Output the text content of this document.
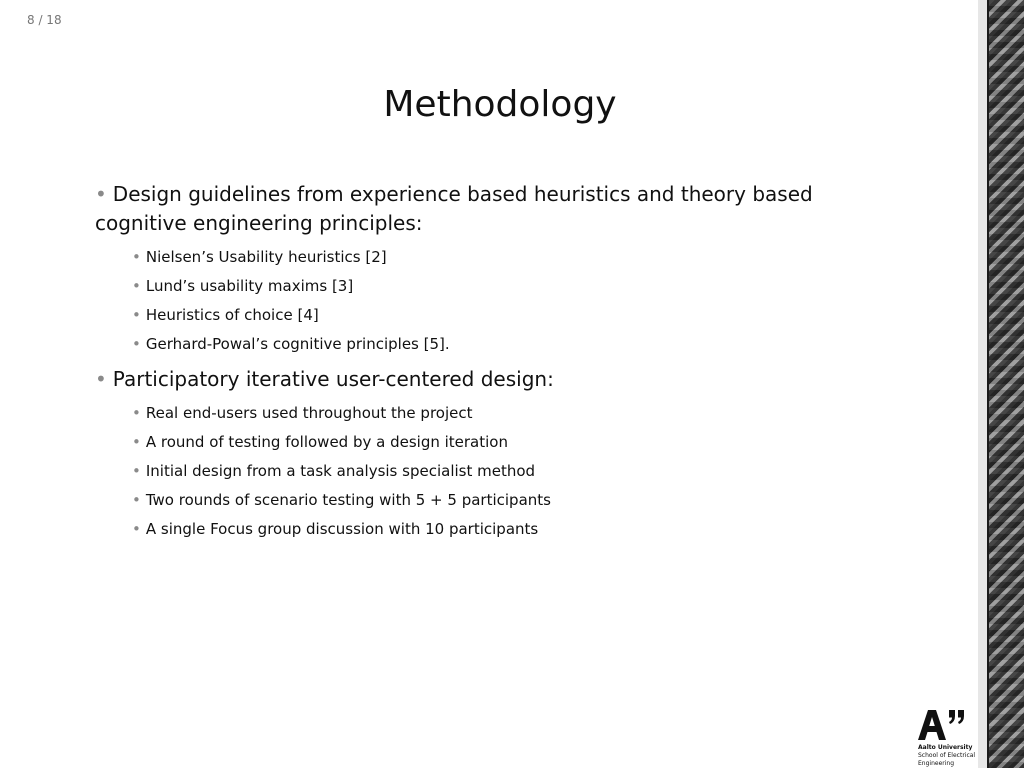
8 / 18
Methodology
• Design guidelines from experience based heuristics and theory based cognitive engineering principles:
• Nielsen’s Usability heuristics [2]
• Lund’s usability maxims [3]
• Heuristics of choice [4]
• Gerhard-Powal’s cognitive principles [5].
• Participatory iterative user-centered design:
• Real end-users used throughout the project
• A round of testing followed by a design iteration
• Initial design from a task analysis specialist method
• Two rounds of scenario testing with 5 + 5 participants
• A single Focus group discussion with 10 participants
Aalto University
School of Electrical
Engineering
